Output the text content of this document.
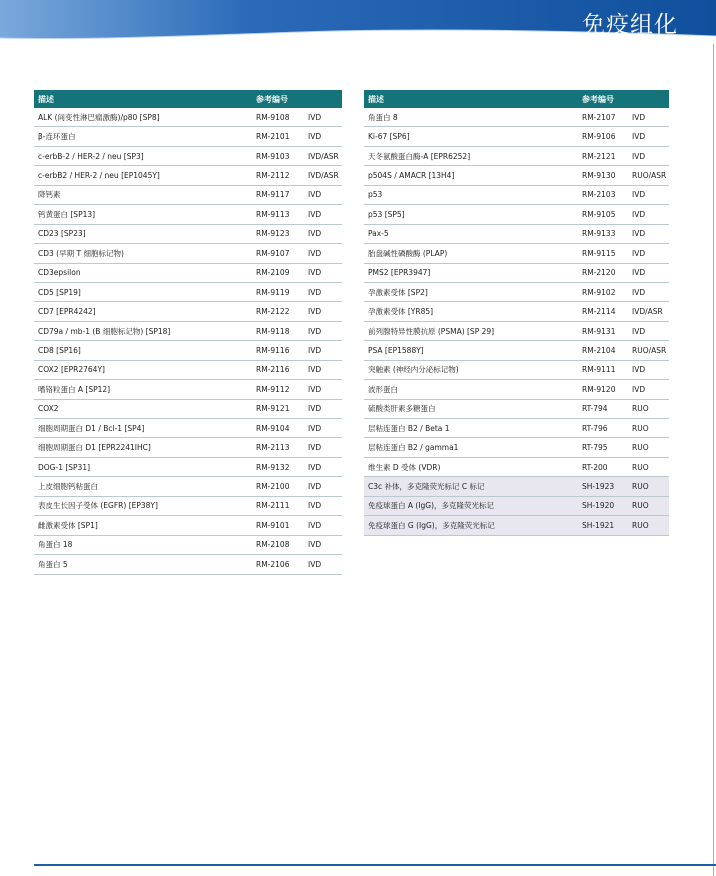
免疫组化
描述	参考编号
ALK (间变性淋巴瘤激酶)/p80 [SP8]	RM-9108	IVD
β-连环蛋白	RM-2101	IVD
c-erbB-2 / HER-2 / neu [SP3]	RM-9103	IVD/ASR
c-erbB2 / HER-2 / neu [EP1045Y]	RM-2112	IVD/ASR
降钙素	RM-9117	IVD
钙黄蛋白 [SP13]	RM-9113	IVD
CD23 [SP23]	RM-9123	IVD
CD3 (早期 T 细胞标记物)	RM-9107	IVD
CD3epsilon	RM-2109	IVD
CD5 [SP19]	RM-9119	IVD
CD7 [EPR4242]	RM-2122	IVD
CD79a / mb-1 (B 细胞标记物) [SP18]	RM-9118	IVD
CD8 [SP16]	RM-9116	IVD
COX2 [EPR2764Y]	RM-2116	IVD
嗜铬粒蛋白 A [SP12]	RM-9112	IVD
COX2	RM-9121	IVD
细胞周期蛋白 D1 / Bcl-1 [SP4]	RM-9104	IVD
细胞周期蛋白 D1 [EPR2241IHC]	RM-2113	IVD
DOG-1 [SP31]	RM-9132	IVD
上皮细胞钙粘蛋白	RM-2100	IVD
表皮生长因子受体 (EGFR) [EP38Y]	RM-2111	IVD
雌激素受体 [SP1]	RM-9101	IVD
角蛋白 18	RM-2108	IVD
角蛋白 5	RM-2106	IVD
描述	参考编号
角蛋白 8	RM-2107	IVD
Ki-67 [SP6]	RM-9106	IVD
天冬氨酸蛋白酶-A [EPR6252]	RM-2121	IVD
p504S / AMACR [13H4]	RM-9130	RUO/ASR
p53	RM-2103	IVD
p53 [SP5]	RM-9105	IVD
Pax-5	RM-9133	IVD
胎盘碱性磷酸酶 (PLAP)	RM-9115	IVD
PMS2 [EPR3947]	RM-2120	IVD
孕激素受体 [SP2]	RM-9102	IVD
孕激素受体 [YR85]	RM-2114	IVD/ASR
前列腺特异性膜抗原 (PSMA) [SP 29]	RM-9131	IVD
PSA [EP1588Y]	RM-2104	RUO/ASR
突触素 (神经内分泌标记物)	RM-9111	IVD
波形蛋白	RM-9120	IVD
硫酸类肝素多糖蛋白	RT-794	RUO
层粘连蛋白 B2 / Beta 1	RT-796	RUO
层粘连蛋白 B2 / gamma1	RT-795	RUO
维生素 D 受体 (VDR)	RT-200	RUO
C3c 补体，多克隆荧光标记 C 标记	SH-1923	RUO
免疫球蛋白 A (IgG)，多克隆荧光标记	SH-1920	RUO
免疫球蛋白 G (IgG)，多克隆荧光标记	SH-1921	RUO
